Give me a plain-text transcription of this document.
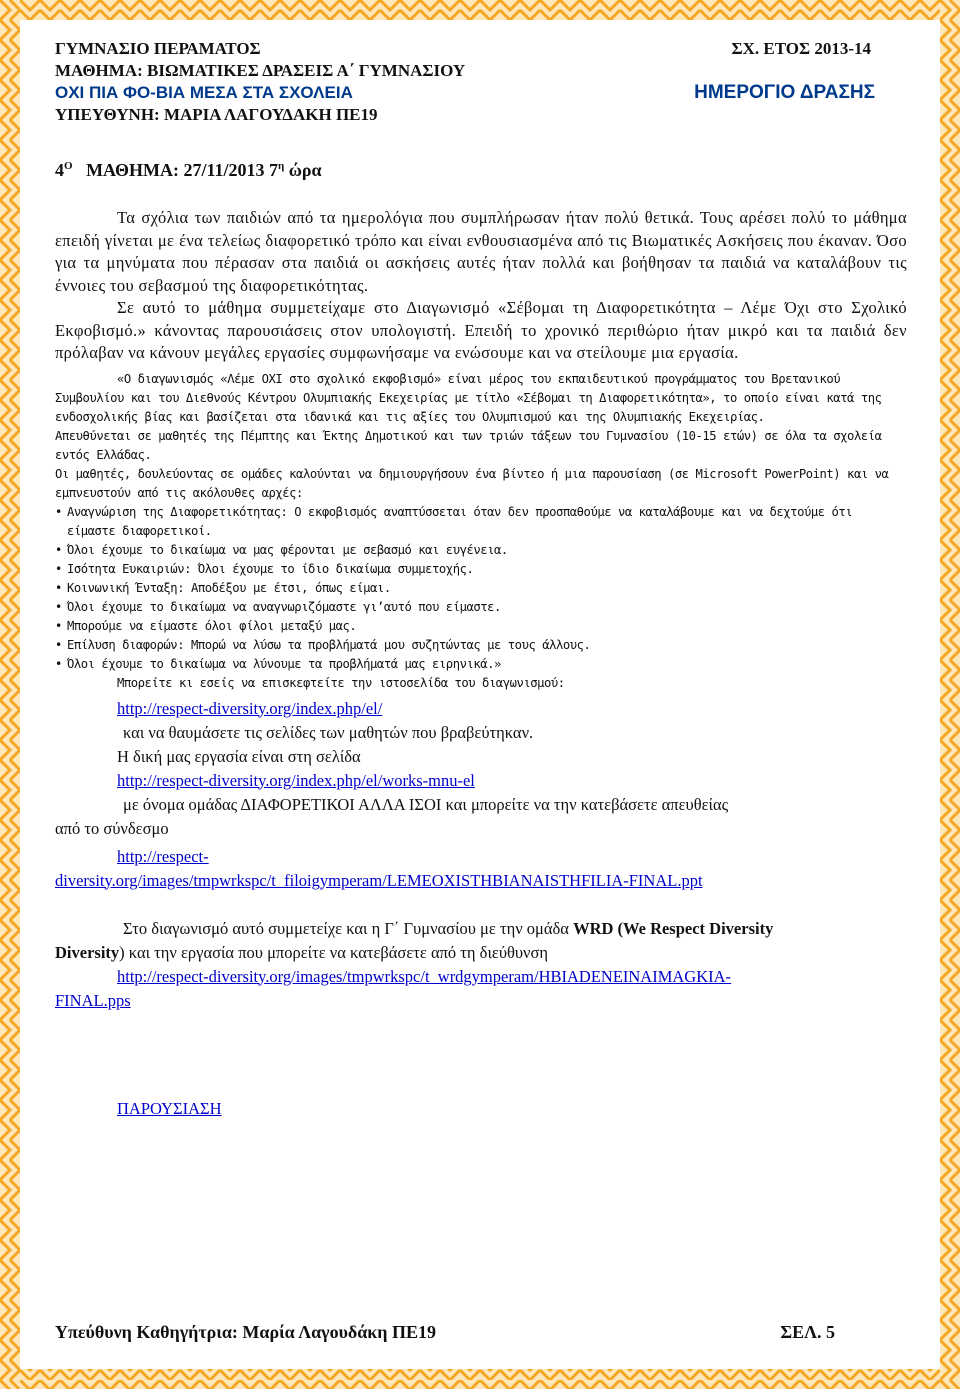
ΓΥΜΝΑΣΙΟ ΠΕΡΑΜΑΤΟΣ	ΣΧ. ΕΤΟΣ 2013-14
ΜΑΘΗΜΑ: ΒΙΩΜΑΤΙΚΕΣ ΔΡΑΣΕΙΣ Α΄ ΓΥΜΝΑΣΙΟΥ
ΟΧΙ ΠΙΑ ΦΟ-ΒΙΑ ΜΕΣΑ ΣΤΑ ΣΧΟΛΕΙΑ	ΗΜΕΡΟΓΙΟ ΔΡΑΣΗΣ
ΥΠΕΥΘΥΝΗ: ΜΑΡΙΑ ΛΑΓΟΥΔΑΚΗ ΠΕ19
$4^O$ ΜΑΘΗΜΑ: 27/11/2013 $7^\eta$ ώρα

Τα σχόλια των παιδιών από τα ημερολόγια που συμπλήρωσαν ήταν πολύ θετικά. Τους αρέσει πολύ το μάθημα επειδή γίνεται με ένα τελείως διαφορετικό τρόπο και είναι ενθουσιασμένα από τις Βιωματικές Ασκήσεις που έκαναν. Όσο για τα μηνύματα που πέρασαν στα παιδιά οι ασκήσεις αυτές ήταν πολλά και βοήθησαν τα παιδιά να καταλάβουν τις έννοιες του σεβασμού της διαφορετικότητας.

Σε αυτό το μάθημα συμμετείχαμε στο Διαγωνισμό «Σέβομαι τη Διαφορετικότητα – Λέμε Όχι στο Σχολικό Εκφοβισμό.» κάνοντας παρουσιάσεις στον υπολογιστή. Επειδή το χρονικό περιθώριο ήταν μικρό και τα παιδιά δεν πρόλαβαν να κάνουν μεγάλες εργασίες συμφωνήσαμε να ενώσουμε και να στείλουμε μια εργασία.

«Ο διαγωνισμός «Λέμε ΟΧΙ στο σχολικό εκφοβισμό» είναι μέρος του εκπαιδευτικού προγράμματος του Βρετανικού Συμβουλίου και του Διεθνούς Κέντρου Ολυμπιακής Εκεχειρίας με τίτλο «Σέβομαι τη Διαφορετικότητα», το οποίο είναι κατά της ενδοσχολικής βίας και βασίζεται στα ιδανικά και τις αξίες του Ολυμπισμού και της Ολυμπιακής Εκεχειρίας.

Απευθύνεται σε μαθητές της Πέμπτης και Έκτης Δημοτικού και των τριών τάξεων του Γυμνασίου (10-15 ετών) σε όλα τα σχολεία εντός Ελλάδας.

Οι μαθητές, δουλεύοντας σε ομάδες καλούνται να δημιουργήσουν ένα βίντεο ή μια παρουσίαση (σε Microsoft PowerPoint) και να εμπνευστούν από τις ακόλουθες αρχές:

• Αναγνώριση της Διαφορετικότητας: Ο εκφοβισμός αναπτύσσεται όταν δεν προσπαθούμε να καταλάβουμε και να δεχτούμε ότι είμαστε διαφορετικοί.
• Όλοι έχουμε το δικαίωμα να μας φέρονται με σεβασμό και ευγένεια.
• Ισότητα Ευκαιριών: Όλοι έχουμε το ίδιο δικαίωμα συμμετοχής.
• Κοινωνική Ένταξη: Αποδέξου με έτσι, όπως είμαι.
• Όλοι έχουμε το δικαίωμα να αναγνωριζόμαστε γι’αυτό που είμαστε.
• Μπορούμε να είμαστε όλοι φίλοι μεταξύ μας.
• Επίλυση διαφορών: Μπορώ να λύσω τα προβλήματά μου συζητώντας με τους άλλους.
• Όλοι έχουμε το δικαίωμα να λύνουμε τα προβλήματά μας ειρηνικά.»

Μπορείτε κι εσείς να επισκεφτείτε την ιστοσελίδα του διαγωνισμού:

http://respect-diversity.org/index.php/el/
και να θαυμάσετε τις σελίδες των μαθητών που βραβεύτηκαν.
Η δική μας εργασία είναι στη σελίδα
http://respect-diversity.org/index.php/el/works-mnu-el
με όνομα ομάδας ΔΙΑΦΟΡΕΤΙΚΟΙ ΑΛΛΑ ΙΣΟΙ και μπορείτε να την κατεβάσετε απευθείας
από το σύνδεσμο
http://respect-
diversity.org/images/tmpwrkspc/t_filoigymperam/LEMEOXISTHBIANAISTHFILIA-FINAL.ppt
Στο διαγωνισμό αυτό συμμετείχε και η Γ΄ Γυμνασίου με την ομάδα WRD (We Respect Diversity
Diversity) και την εργασία που μπορείτε να κατεβάσετε από τη διεύθυνση
http://respect-diversity.org/images/tmpwrkspc/t_wrdgymperam/HBIADENEINAIMAGKIA-
FINAL.pps
ΠΑΡΟΥΣΙΑΣΗ
Υπεύθυνη Καθηγήτρια: Μαρία Λαγουδάκη ΠΕ19	ΣΕΛ. 5
